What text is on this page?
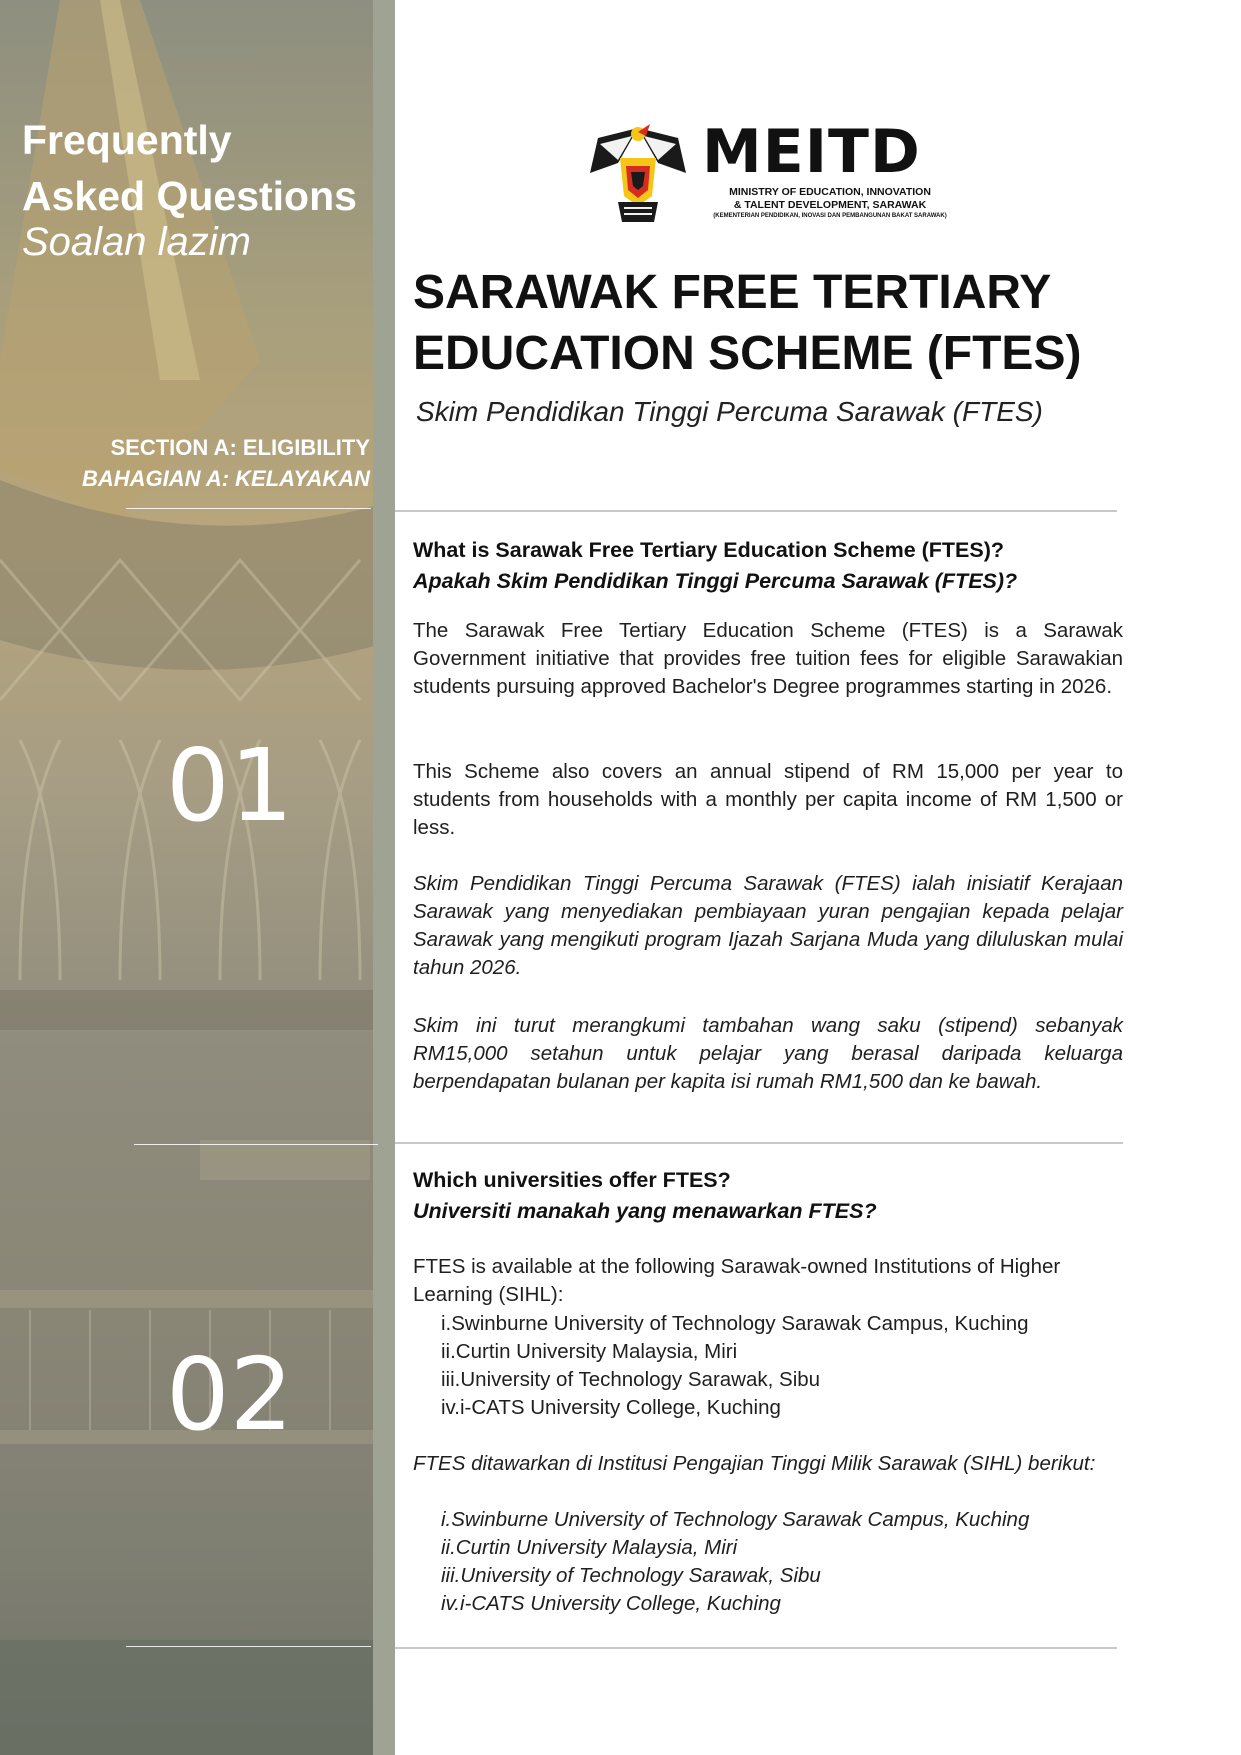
Frequently
Asked Questions
Soalan lazim
SECTION A: ELIGIBILITY
BAHAGIAN A: KELAYAKAN
01
02
MEITD
MINISTRY OF EDUCATION, INNOVATION
& TALENT DEVELOPMENT, SARAWAK
(KEMENTERIAN PENDIDIKAN, INOVASI DAN PEMBANGUNAN BAKAT SARAWAK)
SARAWAK FREE TERTIARY
EDUCATION SCHEME (FTES)
Skim Pendidikan Tinggi Percuma Sarawak (FTES)
What is Sarawak Free Tertiary Education Scheme (FTES)?
Apakah Skim Pendidikan Tinggi Percuma Sarawak (FTES)?

The Sarawak Free Tertiary Education Scheme (FTES) is a Sarawak Government initiative that provides free tuition fees for eligible Sarawakian students pursuing approved Bachelor's Degree programmes starting in 2026.

This Scheme also covers an annual stipend of RM 15,000 per year to students from households with a monthly per capita income of RM 1,500 or less.

Skim Pendidikan Tinggi Percuma Sarawak (FTES) ialah inisiatif Kerajaan Sarawak yang menyediakan pembiayaan yuran pengajian kepada pelajar Sarawak yang mengikuti program Ijazah Sarjana Muda yang diluluskan mulai tahun 2026.

Skim ini turut merangkumi tambahan wang saku (stipend) sebanyak RM15,000 setahun untuk pelajar yang berasal daripada keluarga berpendapatan bulanan per kapita isi rumah RM1,500 dan ke bawah.

Which universities offer FTES?
Universiti manakah yang menawarkan FTES?
FTES is available at the following Sarawak-owned Institutions of Higher Learning (SIHL):
i.Swinburne University of Technology Sarawak Campus, Kuching
ii.Curtin University Malaysia, Miri
iii.University of Technology Sarawak, Sibu
iv.i-CATS University College, Kuching
FTES ditawarkan di Institusi Pengajian Tinggi Milik Sarawak (SIHL) berikut:
i.Swinburne University of Technology Sarawak Campus, Kuching
ii.Curtin University Malaysia, Miri
iii.University of Technology Sarawak, Sibu
iv.i-CATS University College, Kuching
